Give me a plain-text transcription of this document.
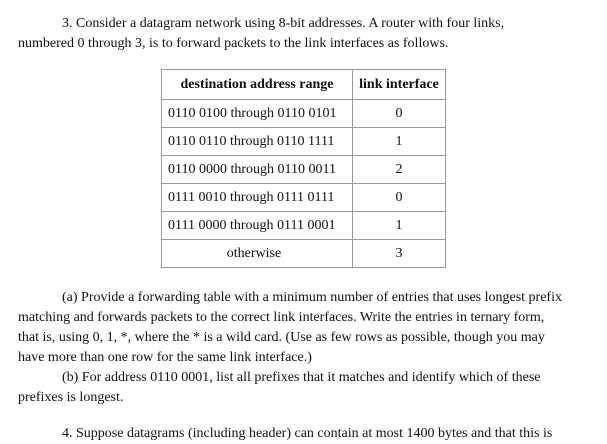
3. Consider a datagram network using 8-bit addresses. A router with four links,
numbered 0 through 3, is to forward packets to the link interfaces as follows.
destination address range	link interface
0110 0100 through 0110 0101	0
0110 0110 through 0110 1111	1
0110 0000 through 0110 0011	2
0111 0010 through 0111 0111	0
0111 0000 through 0111 0001	1
otherwise	3
(a) Provide a forwarding table with a minimum number of entries that uses longest prefix
matching and forwards packets to the correct link interfaces. Write the entries in ternary form,
that is, using 0, 1, *, where the * is a wild card. (Use as few rows as possible, though you may
have more than one row for the same link interface.)
(b) For address 0110 0001, list all prefixes that it matches and identify which of these
prefixes is longest.
4. Suppose datagrams (including header) can contain at most 1400 bytes and that this is
